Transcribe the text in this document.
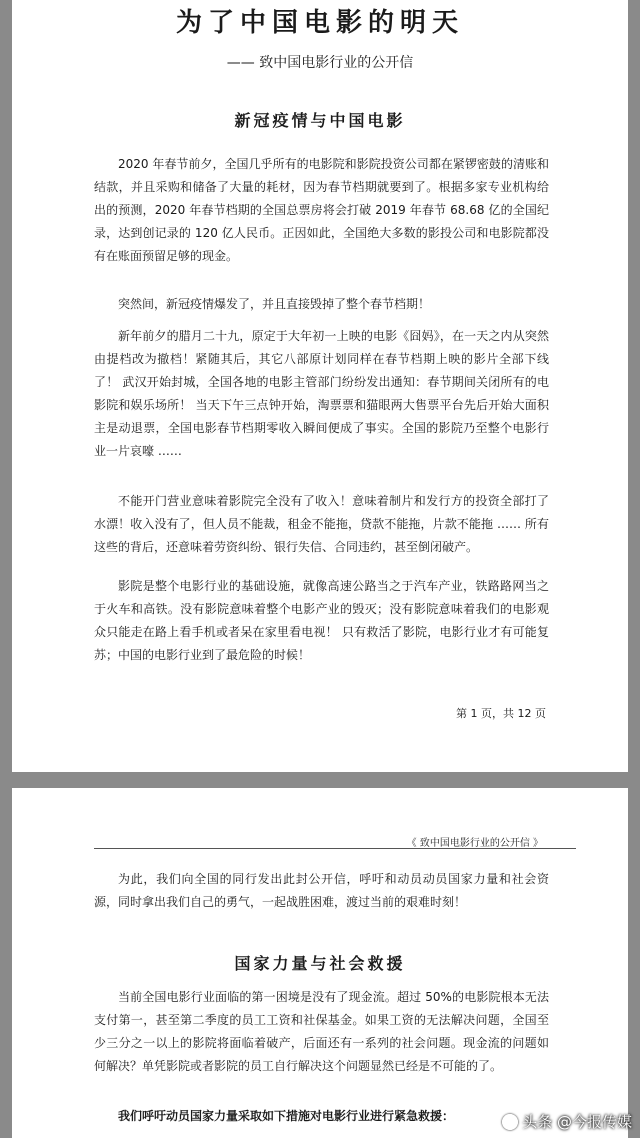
为了中国电影的明天

—— 致中国电影行业的公开信

新冠疫情与中国电影

2020 年春节前夕，全国几乎所有的电影院和影院投资公司都在紧锣密鼓的清账和结款，并且采购和储备了大量的耗材，因为春节档期就要到了。根据多家专业机构给出的预测，2020 年春节档期的全国总票房将会打破 2019 年春节 68.68 亿的全国纪录，达到创记录的 120 亿人民币。正因如此，全国绝大多数的影投公司和电影院都没有在账面预留足够的现金。

突然间，新冠疫情爆发了，并且直接毁掉了整个春节档期！

新年前夕的腊月二十九，原定于大年初一上映的电影《囧妈》，在一天之内从突然由提档改为撤档！紧随其后，其它八部原计划同样在春节档期上映的影片全部下线了！ 武汉开始封城，全国各地的电影主管部门纷纷发出通知：春节期间关闭所有的电影院和娱乐场所！ 当天下午三点钟开始，淘票票和猫眼两大售票平台先后开始大面积主是动退票，全国电影春节档期零收入瞬间便成了事实。全国的影院乃至整个电影行业一片哀嚎 ……

不能开门营业意味着影院完全没有了收入！意味着制片和发行方的投资全部打了水漂！收入没有了，但人员不能裁，租金不能拖，贷款不能拖，片款不能拖 …… 所有这些的背后，还意味着劳资纠纷、银行失信、合同违约，甚至倒闭破产。

影院是整个电影行业的基础设施，就像高速公路当之于汽车产业，铁路路网当之于火车和高铁。没有影院意味着整个电影产业的毁灭；没有影院意味着我们的电影观众只能走在路上看手机或者呆在家里看电视！ 只有救活了影院，电影行业才有可能复苏；中国的电影行业到了最危险的时候！

第 1 页，共 12 页

《 致中国电影行业的公开信 》

为此，我们向全国的同行发出此封公开信，呼吁和动员动员国家力量和社会资源，同时拿出我们自己的勇气，一起战胜困难，渡过当前的艰难时刻！

国家力量与社会救援

当前全国电影行业面临的第一困境是没有了现金流。超过 50%的电影院根本无法支付第一，甚至第二季度的员工工资和社保基金。如果工资的无法解决问题，全国至少三分之一以上的影院将面临着破产，后面还有一系列的社会问题。现金流的问题如何解决？单凭影院或者影院的员工自行解决这个问题显然已经是不可能的了。

我们呼吁动员国家力量采取如下措施对电影行业进行紧急救援：	头条 @今报传媒
